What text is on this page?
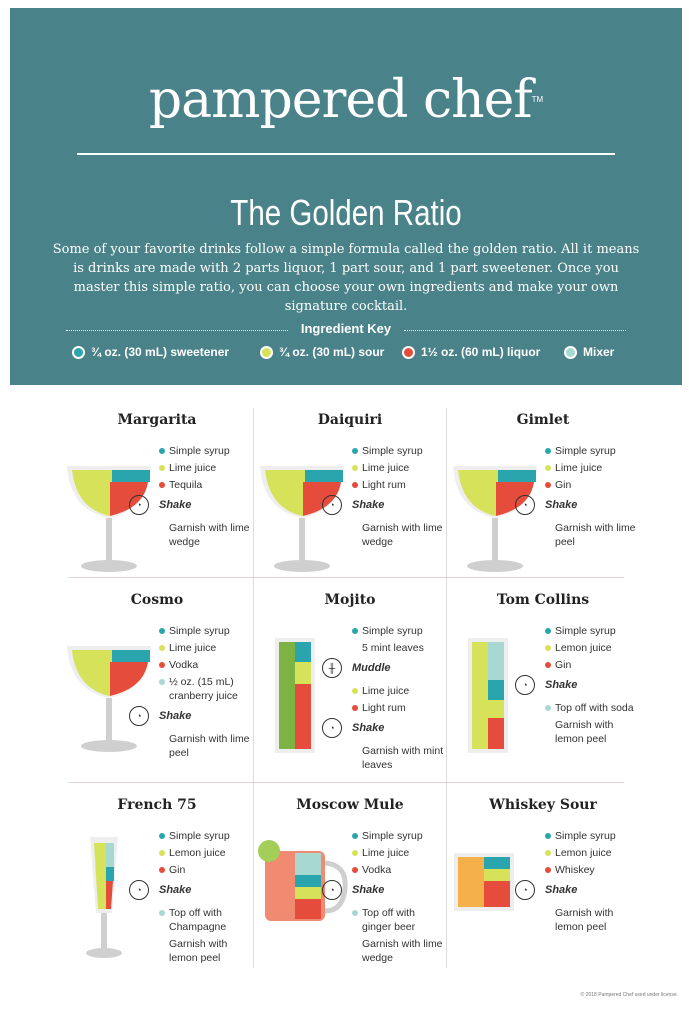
pampered chef™
The Golden Ratio
Some of your favorite drinks follow a simple formula called the golden ratio. All it means is drinks are made with 2 parts liquor, 1 part sour, and 1 part sweetener. Once you master this simple ratio, you can choose your own ingredients and make your own signature cocktail.
Ingredient Key
¾ oz. (30 mL) sweetener	¾ oz. (30 mL) sour	1½ oz. (60 mL) liquor	Mixer
Margarita
Simple syrup
Lime juice
Tequila
◔	Shake
Garnish with lime wedge
Daiquiri
Simple syrup
Lime juice
Light rum
◔	Shake
Garnish with lime wedge
Gimlet
Simple syrup
Lime juice
Gin
◔	Shake
Garnish with lime peel
Cosmo
Simple syrup
Lime juice
Vodka
½ oz. (15 mL) cranberry juice
◔	Shake
Garnish with lime peel
Mojito
Simple syrup
5 mint leaves
╫	Muddle
Lime juice
Light rum
◔	Shake
Garnish with mint leaves
Tom Collins
Simple syrup
Lemon juice
Gin
◔	Shake
Top off with soda
Garnish with lemon peel
French 75
Simple syrup
Lemon juice
Gin
◔	Shake
Top off with Champagne
Garnish with lemon peel
Moscow Mule
Simple syrup
Lime juice
Vodka
◔	Shake
Top off with ginger beer
Garnish with lime wedge
Whiskey Sour
Simple syrup
Lemon juice
Whiskey
◔	Shake
Garnish with lemon peel
© 2018 Pampered Chef used under license.
